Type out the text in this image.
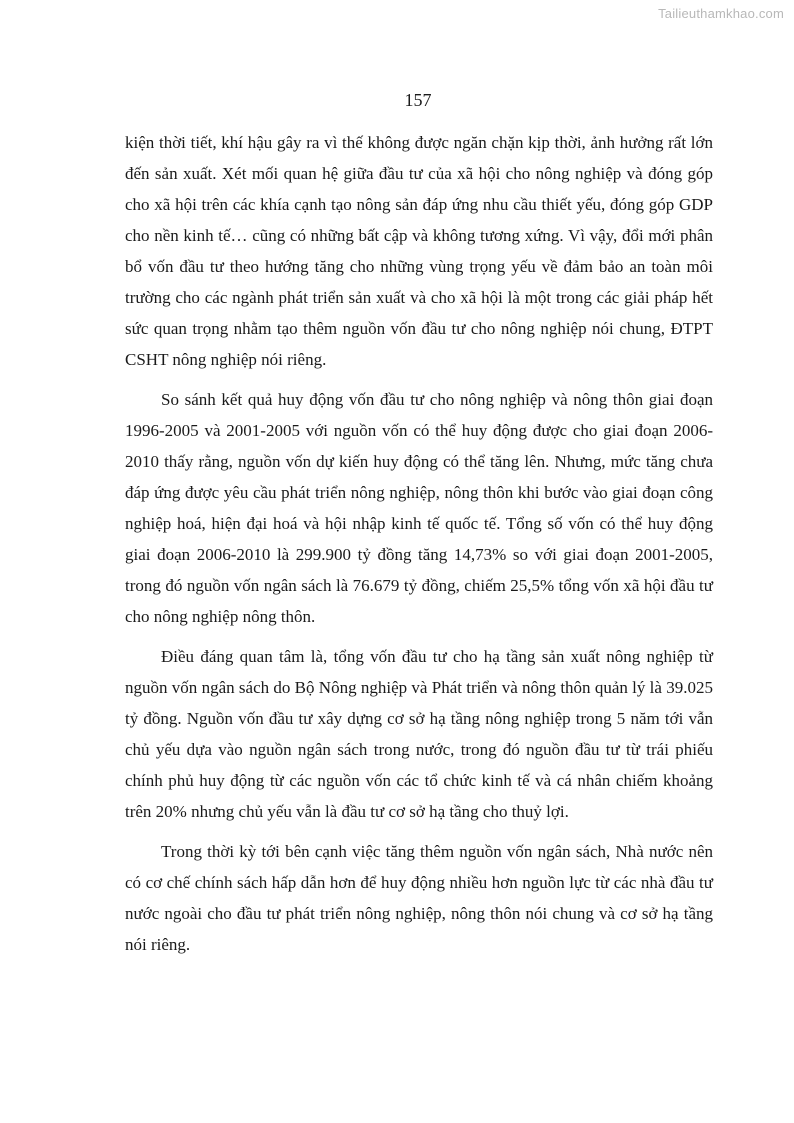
Tailieuthamkhao.com
157

kiện thời tiết, khí hậu gây ra vì thế không được ngăn chặn kịp thời, ảnh hưởng rất lớn đến sản xuất. Xét mối quan hệ giữa đầu tư của xã hội cho nông nghiệp và đóng góp cho xã hội trên các khía cạnh tạo nông sản đáp ứng nhu cầu thiết yếu, đóng góp GDP cho nền kinh tế… cũng có những bất cập và không tương xứng. Vì vậy, đổi mới phân bổ vốn đầu tư theo hướng tăng cho những vùng trọng yếu về đảm bảo an toàn môi trường cho các ngành phát triển sản xuất và cho xã hội là một trong các giải pháp hết sức quan trọng nhằm tạo thêm nguồn vốn đầu tư cho nông nghiệp nói chung, ĐTPT CSHT nông nghiệp nói riêng.

So sánh kết quả huy động vốn đầu tư cho nông nghiệp và nông thôn giai đoạn 1996-2005 và 2001-2005 với nguồn vốn có thể huy động được cho giai đoạn 2006-2010 thấy rằng, nguồn vốn dự kiến huy động có thể tăng lên. Nhưng, mức tăng chưa đáp ứng được yêu cầu phát triển nông nghiệp, nông thôn khi bước vào giai đoạn công nghiệp hoá, hiện đại hoá và hội nhập kinh tế quốc tế. Tổng số vốn có thể huy động giai đoạn 2006-2010 là 299.900 tỷ đồng tăng 14,73% so với giai đoạn 2001-2005, trong đó nguồn vốn ngân sách là 76.679 tỷ đồng, chiếm 25,5% tổng vốn xã hội đầu tư cho nông nghiệp nông thôn.

Điều đáng quan tâm là, tổng vốn đầu tư cho hạ tầng sản xuất nông nghiệp từ nguồn vốn ngân sách do Bộ Nông nghiệp và Phát triển và nông thôn quản lý là 39.025 tỷ đồng. Nguồn vốn đầu tư xây dựng cơ sở hạ tầng nông nghiệp trong 5 năm tới vẫn chủ yếu dựa vào nguồn ngân sách trong nước, trong đó nguồn đầu tư từ trái phiếu chính phủ huy động từ các nguồn vốn các tổ chức kinh tế và cá nhân chiếm khoảng trên 20% nhưng chủ yếu vẫn là đầu tư cơ sở hạ tầng cho thuỷ lợi.

Trong thời kỳ tới bên cạnh việc tăng thêm nguồn vốn ngân sách, Nhà nước nên có cơ chế chính sách hấp dẫn hơn để huy động nhiều hơn nguồn lực từ các nhà đầu tư nước ngoài cho đầu tư phát triển nông nghiệp, nông thôn nói chung và cơ sở hạ tầng nói riêng.
